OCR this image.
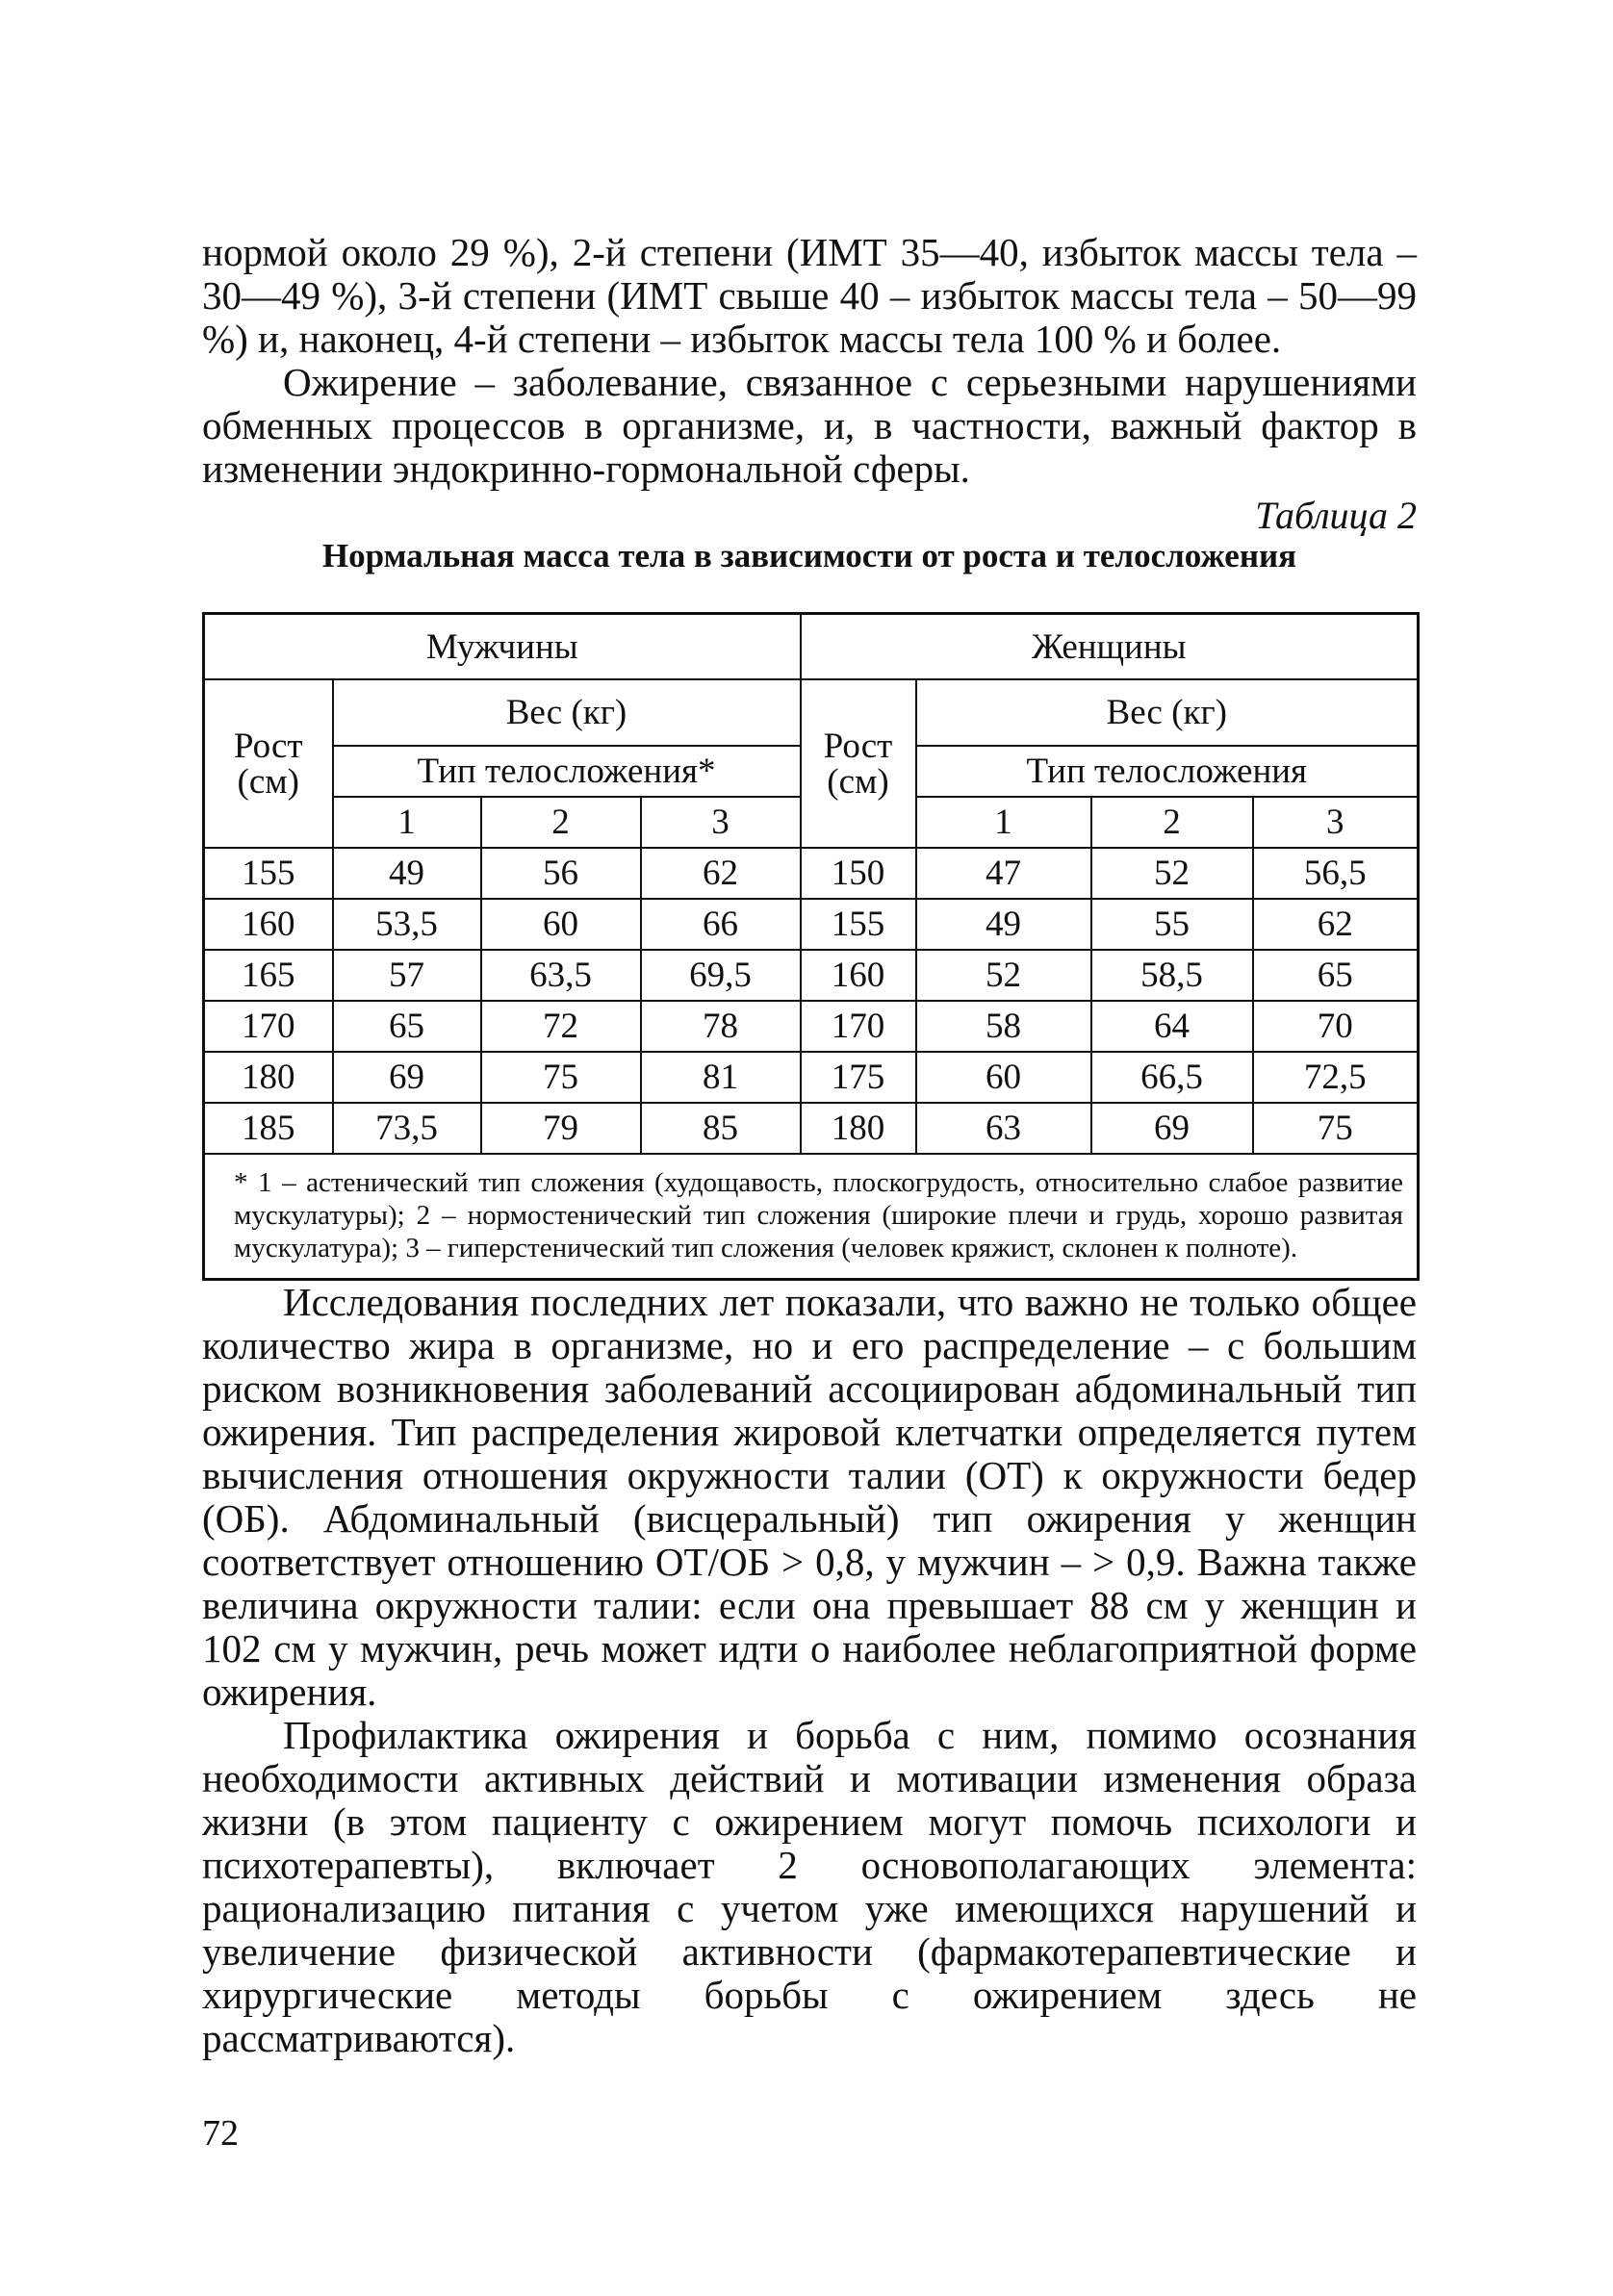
нормой около 29 %), 2-й степени (ИМТ 35—40, избыток массы тела – 30—49 %), 3-й степени (ИМТ свыше 40 – избыток массы тела – 50—99 %) и, наконец, 4-й степени – избыток массы тела 100 % и более.

Ожирение – заболевание, связанное с серьезными нарушениями обменных процессов в организме, и, в частности, важный фактор в изменении эндокринно-гормональной сферы.

Таблица 2
Нормальная масса тела в зависимости от роста и телосложения
Мужчины				Женщины			
Рост (см)	Вес (кг)			Рост (см)	Вес (кг)		
	Тип телосложения*				Тип телосложения		
	1	2	3		1	2	3
155	49	56	62	150	47	52	56,5
160	53,5	60	66	155	49	55	62
165	57	63,5	69,5	160	52	58,5	65
170	65	72	78	170	58	64	70
180	69	75	81	175	60	66,5	72,5
185	73,5	79	85	180	63	69	75
* 1 – астенический тип сложения (худощавость, плоскогрудость, относительно слабое развитие мускулатуры); 2 – нормостенический тип сложения (широкие плечи и грудь, хорошо развитая мускулатура); 3 – гиперстенический тип сложения (человек кряжист, склонен к полноте).							

Исследования последних лет показали, что важно не только общее количество жира в организме, но и его распределение – с большим риском возникновения заболеваний ассоциирован абдоминальный тип ожирения. Тип распределения жировой клетчатки определяется путем вычисления отношения окружности талии (ОТ) к окружности бедер (ОБ). Абдоминальный (висцеральный) тип ожирения у женщин соответствует отношению ОТ/ОБ > 0,8, у мужчин – > 0,9. Важна также величина окружности талии: если она превышает 88 см у женщин и 102 см у мужчин, речь может идти о наиболее неблагоприятной форме ожирения.

Профилактика ожирения и борьба с ним, помимо осознания необходимости активных действий и мотивации изменения образа жизни (в этом пациенту с ожирением могут помочь психологи и психотерапевты), включает 2 основополагающих элемента: рационализацию питания с учетом уже имеющихся нарушений и увеличение физической активности (фармакотерапевтические и хирургические методы борьбы с ожирением здесь не рассматриваются).

72
